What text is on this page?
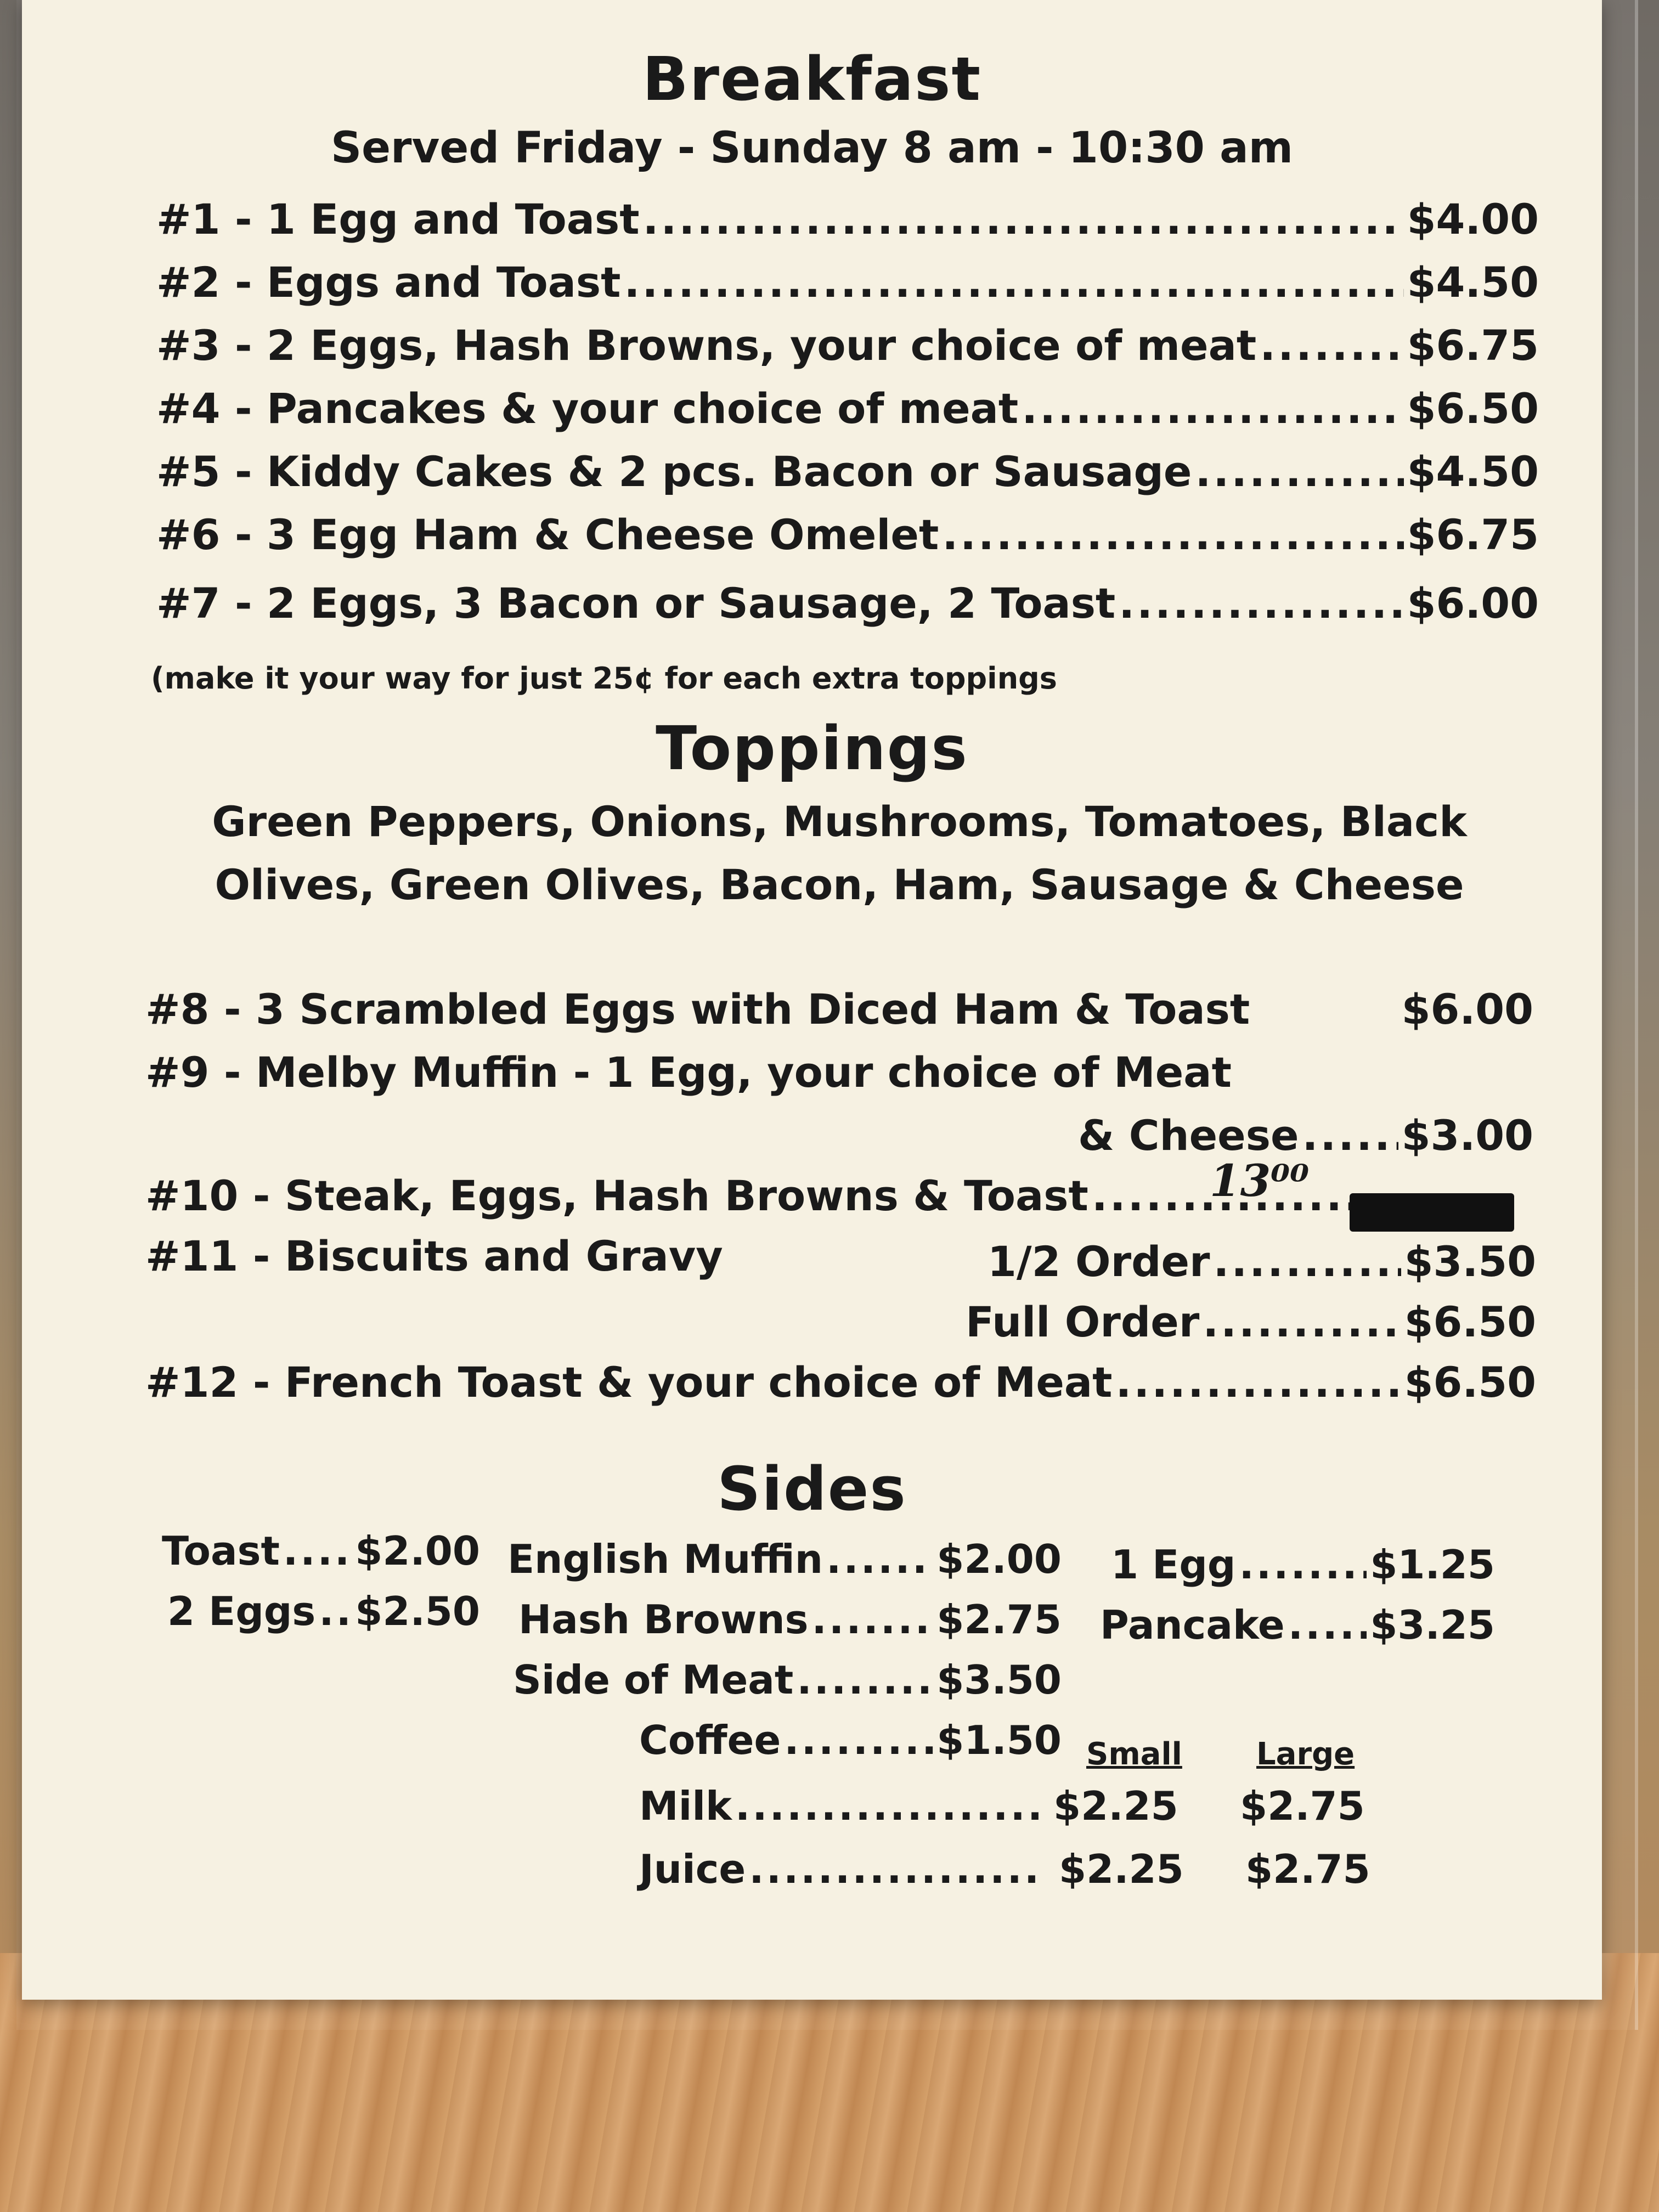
Breakfast
Served Friday - Sunday 8 am - 10:30 am
#1 - 1 Egg and Toast .....	$4.00
#2 - Eggs and Toast .....	$4.50
#3 - 2 Eggs, Hash Browns, your choice of meat .....	$6.75
#4 - Pancakes & your choice of meat .....	$6.50
#5 - Kiddy Cakes & 2 pcs. Bacon or Sausage .....	$4.50
#6 - 3 Egg Ham & Cheese Omelet .....	$6.75
#7 - 2 Eggs, 3 Bacon or Sausage, 2 Toast .....	$6.00
(make it your way for just 25¢ for each extra toppings
Toppings
Green Peppers, Onions, Mushrooms, Tomatoes, Black
Olives, Green Olives, Bacon, Ham, Sausage & Cheese
#8 - 3 Scrambled Eggs with Diced Ham & Toast	$6.00
#9 - Melby Muffin - 1 Egg, your choice of Meat
& Cheese ..... $3.00
#10 - Steak, Eggs, Hash Browns & Toast .....	13⁰⁰
#11 - Biscuits and Gravy	1/2 Order .....	$3.50
Full Order .....	$6.50
#12 - French Toast & your choice of Meat .....	$6.50
Sides
Toast ..... $2.00
2 Eggs ..... $2.50
English Muffin .....	$2.00
Hash Browns .....	$2.75
Side of Meat .....	$3.50
Coffee .....	$1.50
1 Egg .....	$1.25
Pancake ..... $3.25
Small Large
Milk .....	$2.25 $2.75
Juice .....	$2.25 $2.75
